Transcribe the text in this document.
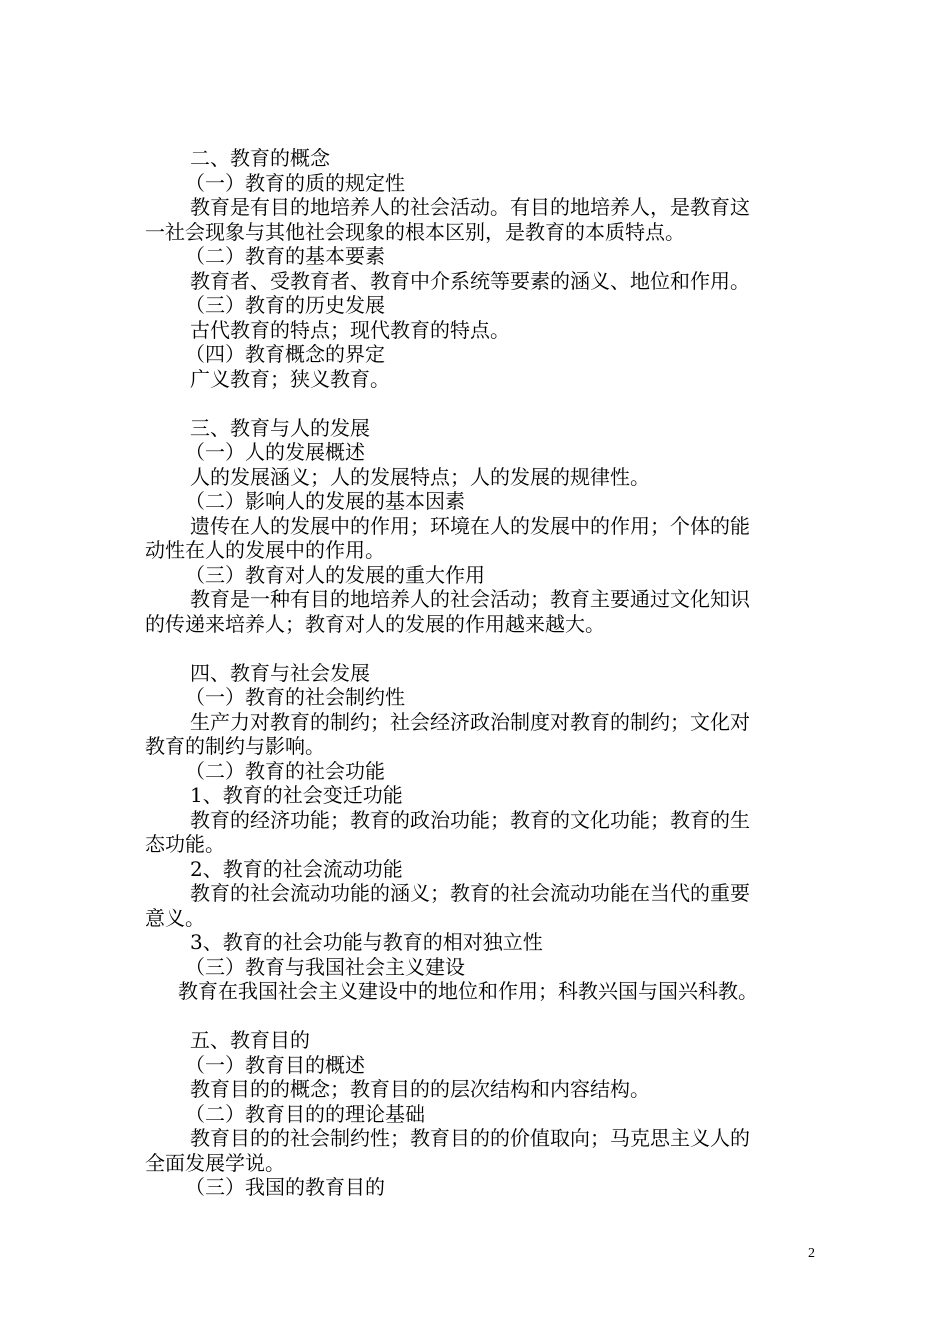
二、教育的概念
（一）教育的质的规定性
教育是有目的地培养人的社会活动。有目的地培养人，是教育这
一社会现象与其他社会现象的根本区别，是教育的本质特点。
（二）教育的基本要素
教育者、受教育者、教育中介系统等要素的涵义、地位和作用。
（三）教育的历史发展
古代教育的特点；现代教育的特点。
（四）教育概念的界定
广义教育；狭义教育。
三、教育与人的发展
（一）人的发展概述
人的发展涵义；人的发展特点；人的发展的规律性。
（二）影响人的发展的基本因素
遗传在人的发展中的作用；环境在人的发展中的作用；个体的能
动性在人的发展中的作用。
（三）教育对人的发展的重大作用
教育是一种有目的地培养人的社会活动；教育主要通过文化知识
的传递来培养人；教育对人的发展的作用越来越大。
四、教育与社会发展
（一）教育的社会制约性
生产力对教育的制约；社会经济政治制度对教育的制约；文化对
教育的制约与影响。
（二）教育的社会功能
1、教育的社会变迁功能
教育的经济功能；教育的政治功能；教育的文化功能；教育的生
态功能。
2、教育的社会流动功能
教育的社会流动功能的涵义；教育的社会流动功能在当代的重要
意义。
3、教育的社会功能与教育的相对独立性
（三）教育与我国社会主义建设
教育在我国社会主义建设中的地位和作用；科教兴国与国兴科教。
五、教育目的
（一）教育目的概述
教育目的的概念；教育目的的层次结构和内容结构。
（二）教育目的的理论基础
教育目的的社会制约性；教育目的的价值取向；马克思主义人的
全面发展学说。
（三）我国的教育目的
2
